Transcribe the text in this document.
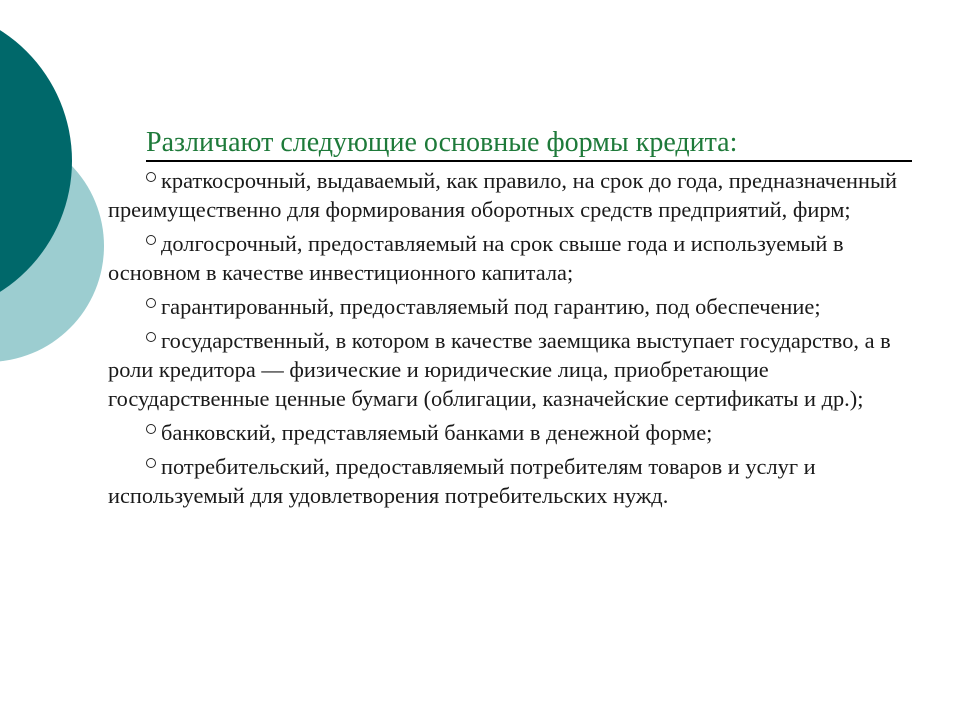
Различают следующие основные формы кредита:
краткосрочный, выдаваемый, как правило, на срок до года, предназначенный преимущественно для формирования оборотных средств предприятий, фирм;
долгосрочный, предоставляемый на срок свыше года и используемый в основном в качестве инвестиционного капитала;
гарантированный, предоставляемый под гарантию, под обеспечение;
государственный, в котором в качестве заемщика выступает государство, а в роли кредитора — физические и юридические лица, приобретающие государственные ценные бумаги (облигации, казначейские сертификаты и др.);
банковский, представляемый банками в денежной форме;
потребительский, предоставляемый потребителям товаров и услуг и используемый для удовлетворения потребительских нужд.
